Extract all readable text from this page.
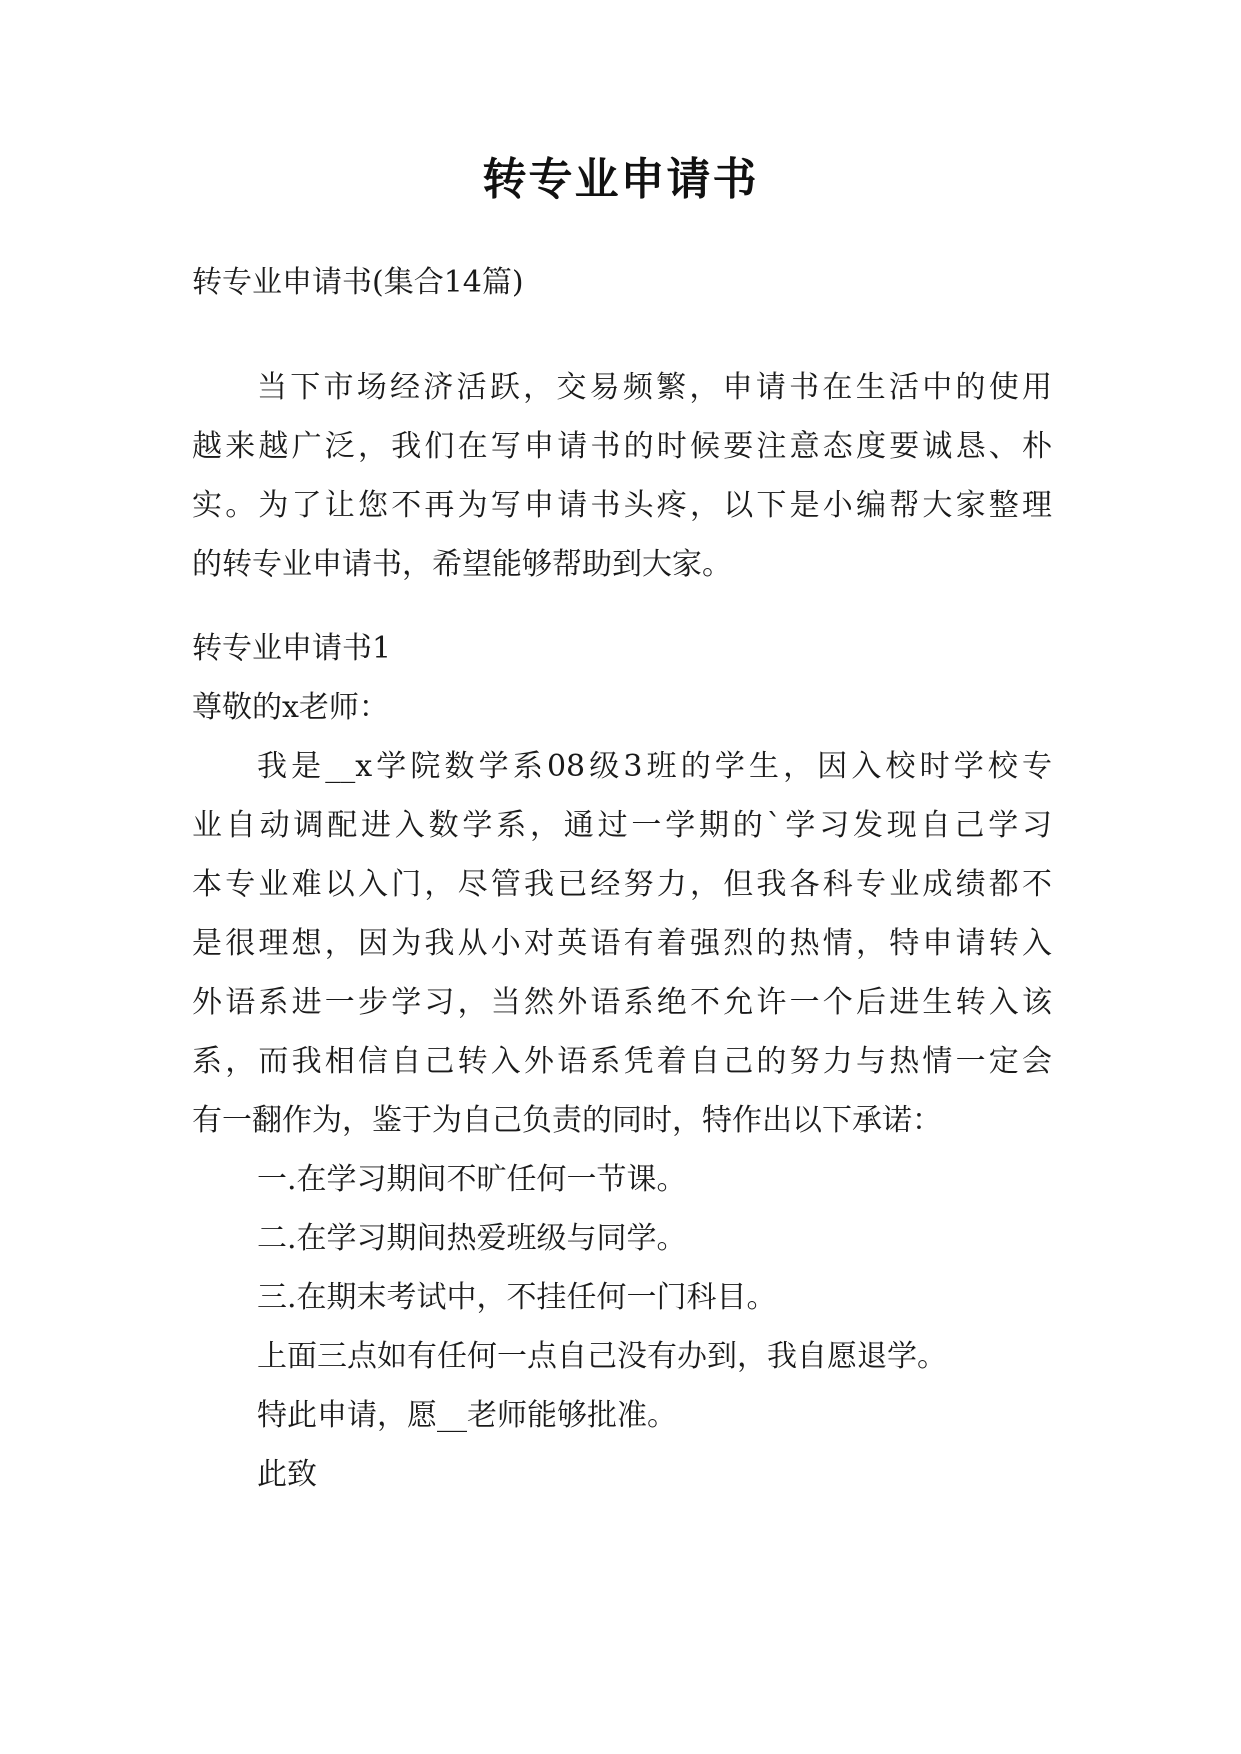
转专业申请书
转专业申请书(集合14篇)
当下市场经济活跃，交易频繁，申请书在生活中的使用
越来越广泛，我们在写申请书的时候要注意态度要诚恳、朴
实。为了让您不再为写申请书头疼，以下是小编帮大家整理
的转专业申请书，希望能够帮助到大家。
转专业申请书1
尊敬的x老师：
我是__x学院数学系08级3班的学生，因入校时学校专
业自动调配进入数学系，通过一学期的`学习发现自己学习
本专业难以入门，尽管我已经努力，但我各科专业成绩都不
是很理想，因为我从小对英语有着强烈的热情，特申请转入
外语系进一步学习，当然外语系绝不允许一个后进生转入该
系，而我相信自己转入外语系凭着自己的努力与热情一定会
有一翻作为，鉴于为自己负责的同时，特作出以下承诺：
一.在学习期间不旷任何一节课。
二.在学习期间热爱班级与同学。
三.在期末考试中，不挂任何一门科目。
上面三点如有任何一点自己没有办到，我自愿退学。
特此申请，愿__老师能够批准。
此致
